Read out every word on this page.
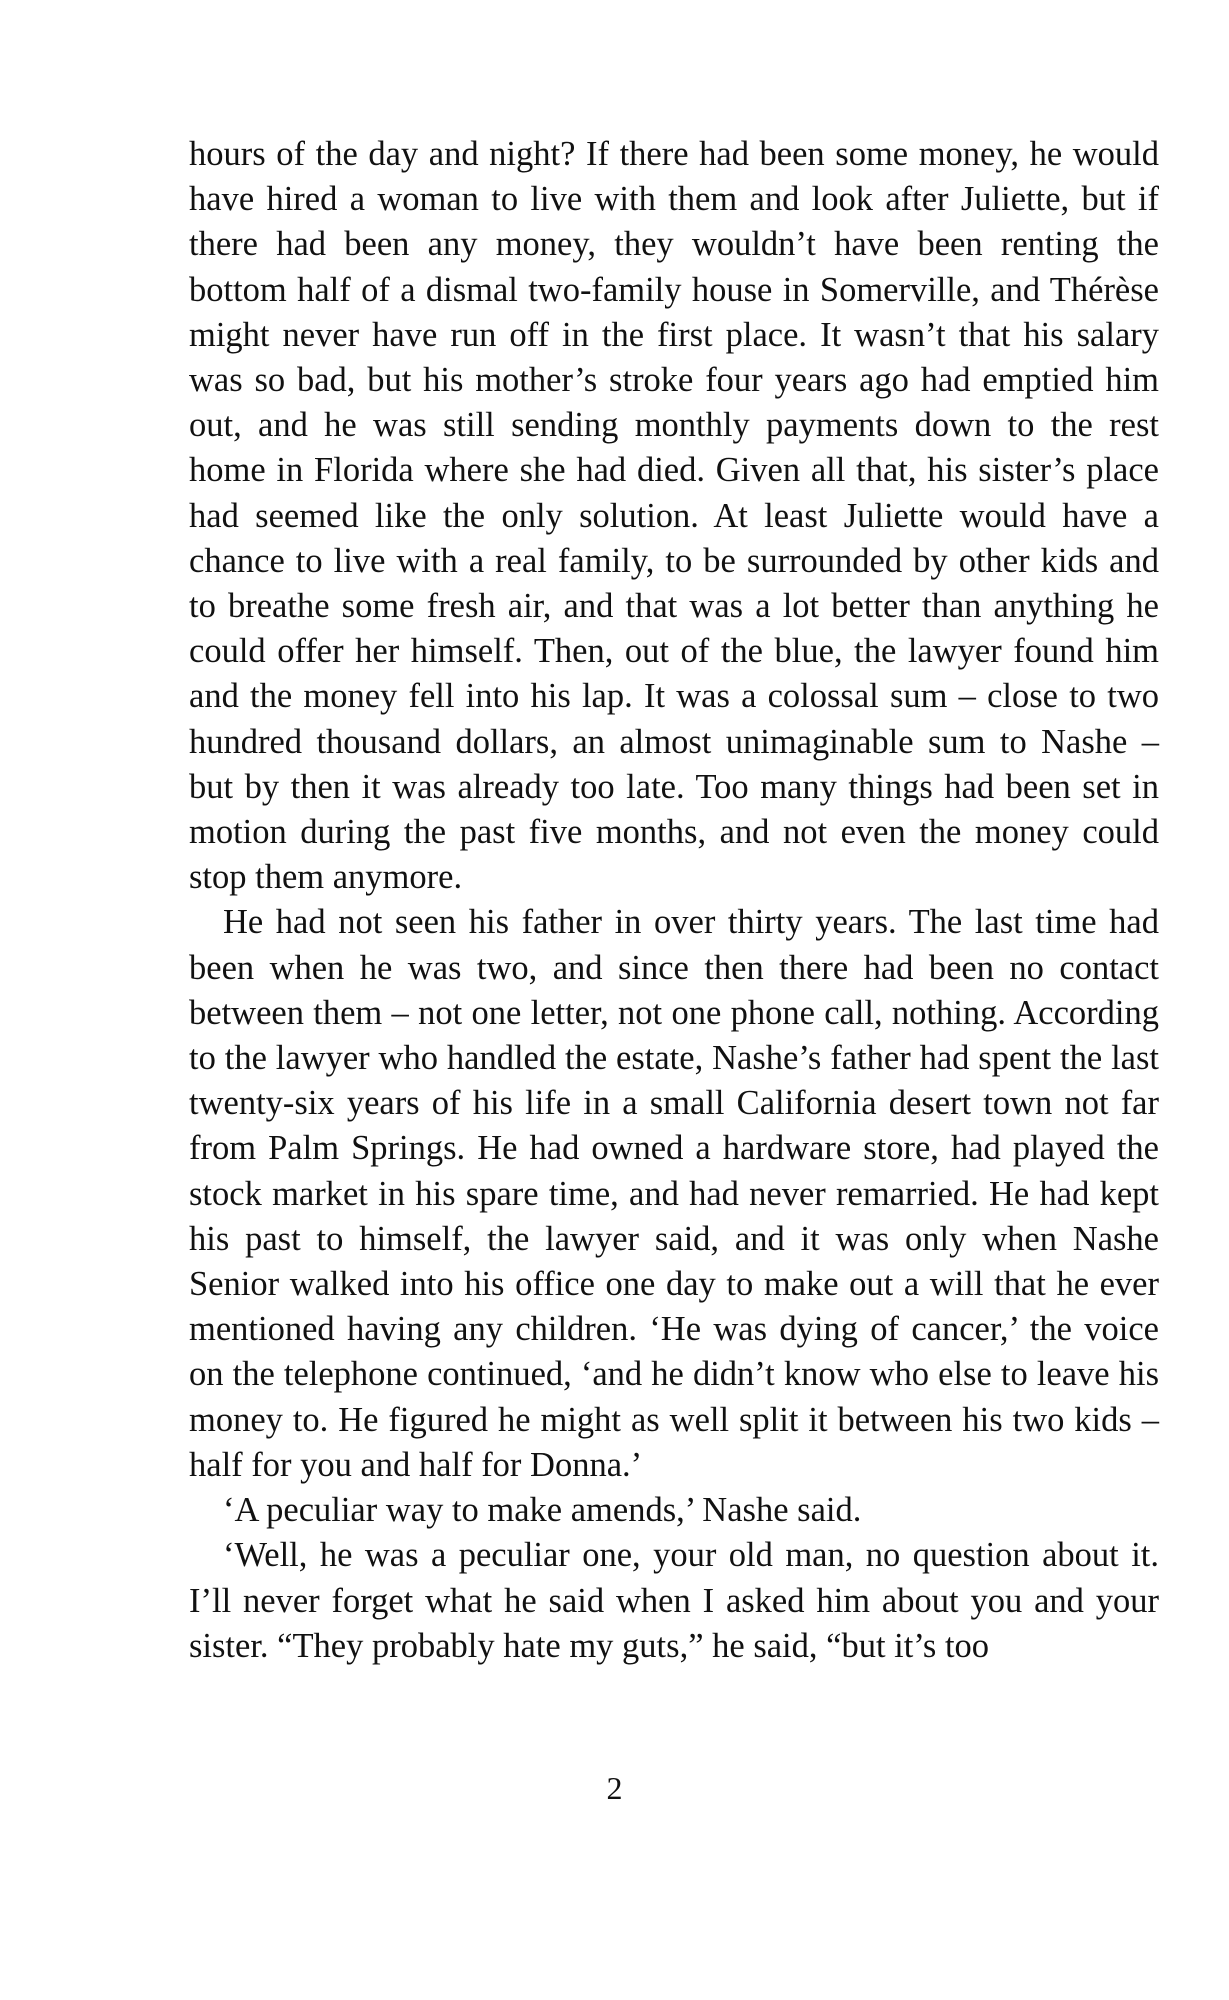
hours of the day and night? If there had been some money, he would have hired a woman to live with them and look after Juliette, but if there had been any money, they wouldn’t have been renting the bottom half of a dismal two-family house in Somerville, and Thérèse might never have run off in the first place. It wasn’t that his salary was so bad, but his mother’s stroke four years ago had emptied him out, and he was still sending monthly payments down to the rest home in Florida where she had died. Given all that, his sister’s place had seemed like the only solution. At least Juliette would have a chance to live with a real family, to be surrounded by other kids and to breathe some fresh air, and that was a lot better than anything he could offer her himself. Then, out of the blue, the lawyer found him and the money fell into his lap. It was a colossal sum – close to two hundred thousand dollars, an almost unimaginable sum to Nashe – but by then it was already too late. Too many things had been set in motion during the past five months, and not even the money could stop them anymore.

He had not seen his father in over thirty years. The last time had been when he was two, and since then there had been no contact between them – not one letter, not one phone call, nothing. According to the lawyer who handled the estate, Nashe’s father had spent the last twenty-six years of his life in a small California desert town not far from Palm Springs. He had owned a hardware store, had played the stock market in his spare time, and had never remarried. He had kept his past to himself, the lawyer said, and it was only when Nashe Senior walked into his office one day to make out a will that he ever mentioned having any children. ‘He was dying of cancer,’ the voice on the telephone continued, ‘and he didn’t know who else to leave his money to. He figured he might as well split it between his two kids – half for you and half for Donna.’

‘A peculiar way to make amends,’ Nashe said.

‘Well, he was a peculiar one, your old man, no question about it. I’ll never forget what he said when I asked him about you and your sister. “They probably hate my guts,” he said, “but it’s too

2
